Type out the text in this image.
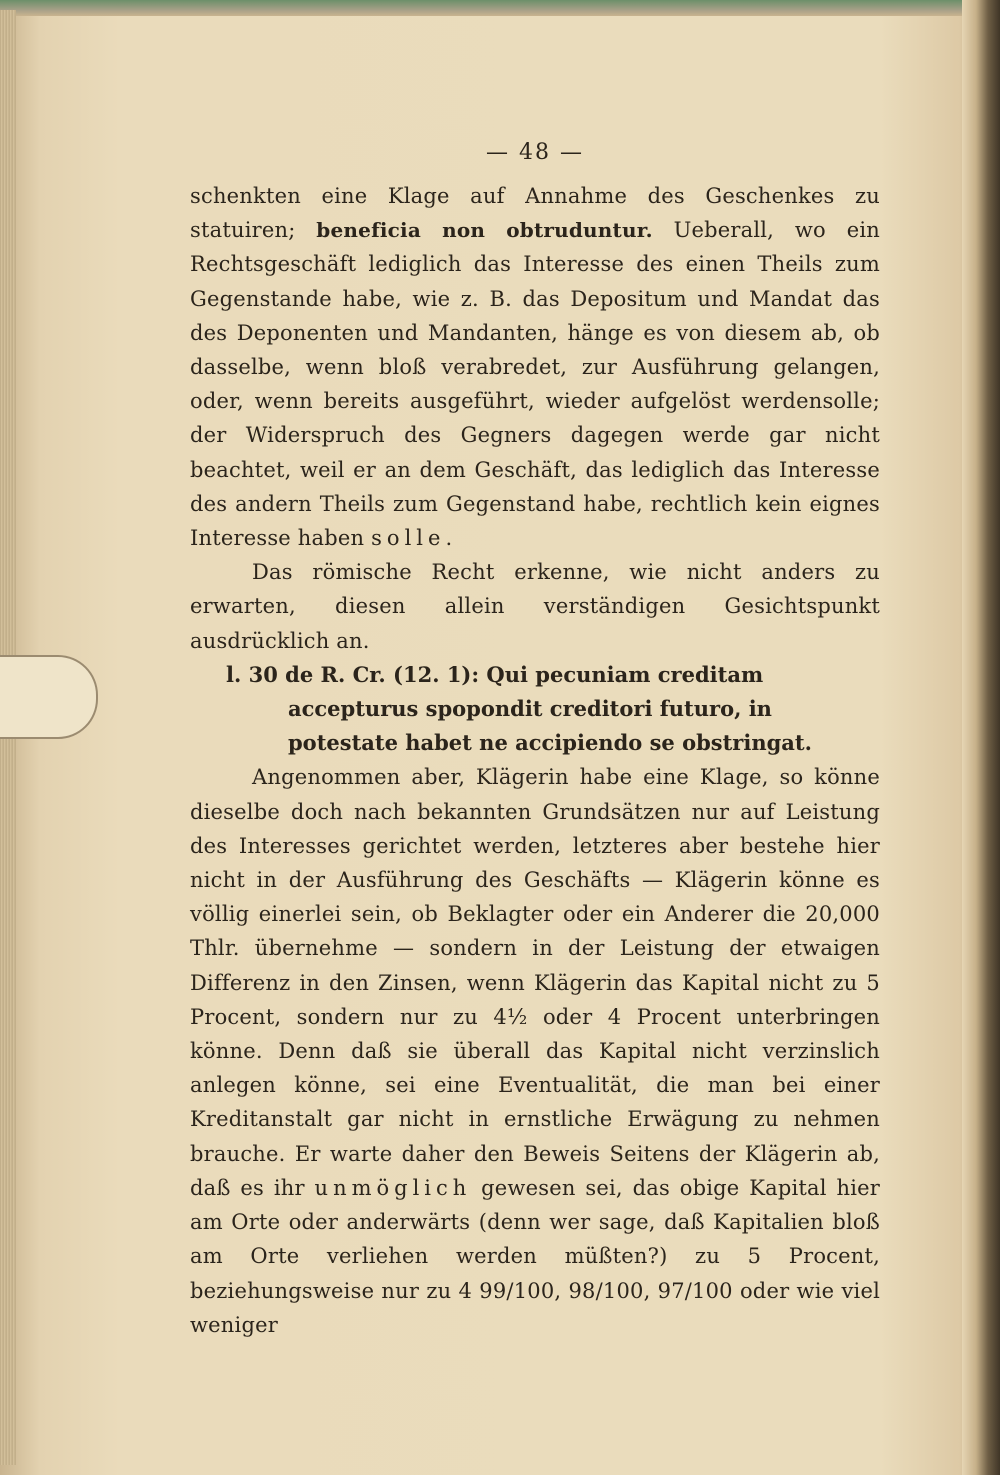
— 48 —

schenkten eine Klage auf Annahme des Geschenkes zu statuiren; beneficia non obtruduntur. Ueberall, wo ein Rechtsgeschäft lediglich das Interesse des einen Theils zum Gegenstande habe, wie z. B. das Depositum und Mandat das des Deponenten und Mandanten, hänge es von diesem ab, ob dasselbe, wenn bloß verabredet, zur Ausführung gelangen, oder, wenn bereits ausgeführt, wieder aufgelöst werdensolle; der Widerspruch des Gegners dagegen werde gar nicht beachtet, weil er an dem Geschäft, das lediglich das Interesse des andern Theils zum Gegenstand habe, rechtlich kein eignes Interesse haben solle.

Das römische Recht erkenne, wie nicht anders zu erwarten, diesen allein verständigen Gesichtspunkt ausdrücklich an.

l. 30 de R. Cr. (12. 1): Qui pecuniam creditam accepturus spopondit creditori futuro, in potestate habet ne accipiendo se obstringat.

Angenommen aber, Klägerin habe eine Klage, so könne dieselbe doch nach bekannten Grundsätzen nur auf Leistung des Interesses gerichtet werden, letzteres aber bestehe hier nicht in der Ausführung des Geschäfts — Klägerin könne es völlig einerlei sein, ob Beklagter oder ein Anderer die 20,000 Thlr. übernehme — sondern in der Leistung der etwaigen Differenz in den Zinsen, wenn Klägerin das Kapital nicht zu 5 Procent, sondern nur zu 4½ oder 4 Procent unterbringen könne. Denn daß sie überall das Kapital nicht verzinslich anlegen könne, sei eine Eventualität, die man bei einer Kreditanstalt gar nicht in ernstliche Erwägung zu nehmen brauche. Er warte daher den Beweis Seitens der Klägerin ab, daß es ihr unmöglich gewesen sei, das obige Kapital hier am Orte oder anderwärts (denn wer sage, daß Kapitalien bloß am Orte verliehen werden müßten?) zu 5 Procent, beziehungsweise nur zu 4 99/100, 98/100, 97/100 oder wie viel weniger
